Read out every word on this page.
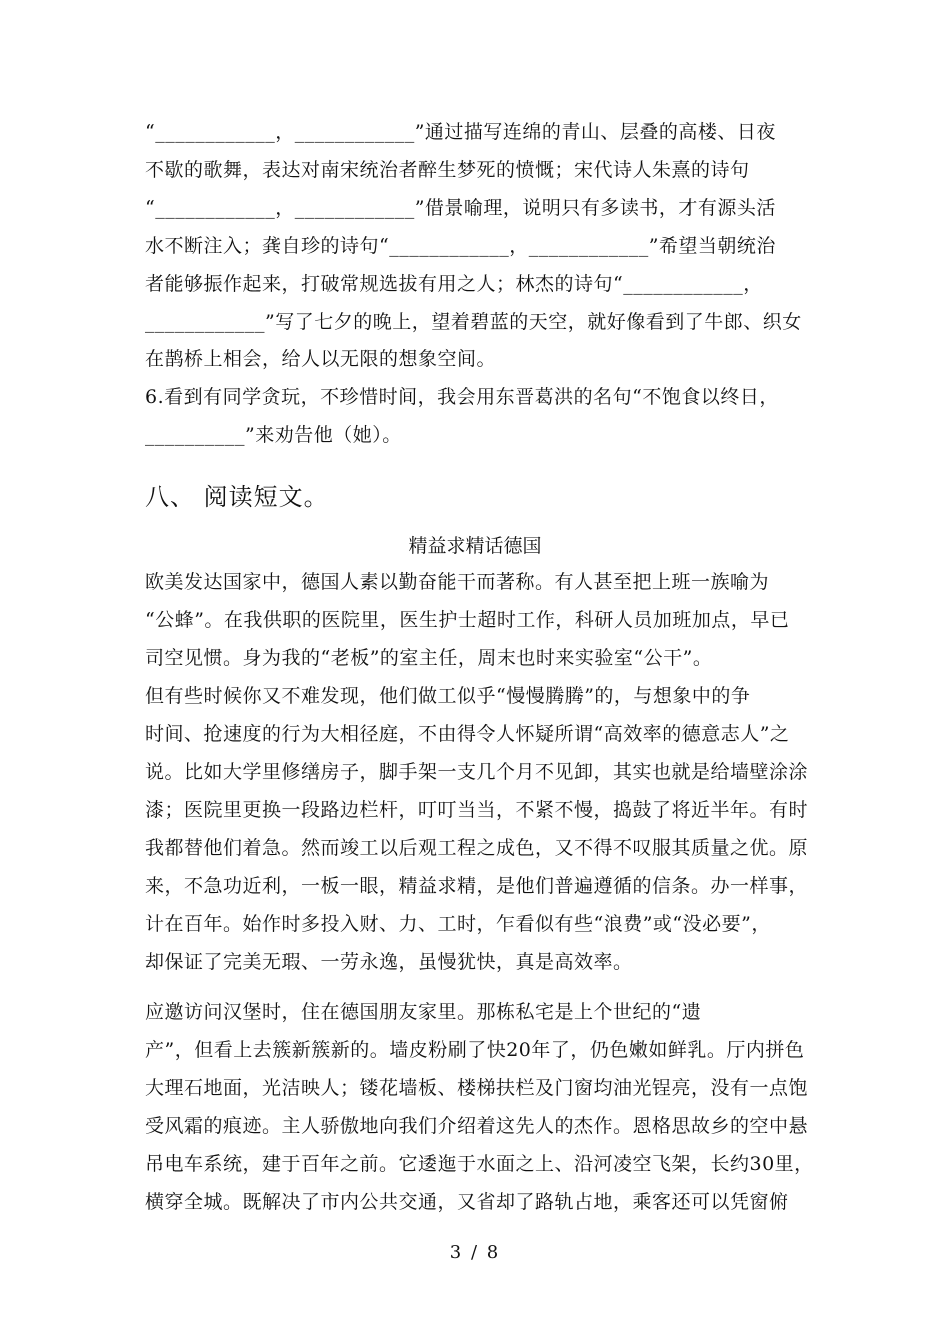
“____________，____________”通过描写连绵的青山、层叠的高楼、日夜
不歇的歌舞，表达对南宋统治者醉生梦死的愤慨；宋代诗人朱熹的诗句
“____________，____________”借景喻理，说明只有多读书，才有源头活
水不断注入；龚自珍的诗句“____________，____________”希望当朝统治
者能够振作起来，打破常规选拔有用之人；林杰的诗句“____________，
____________”写了七夕的晚上，望着碧蓝的天空，就好像看到了牛郎、织女
在鹊桥上相会，给人以无限的想象空间。
6.看到有同学贪玩，不珍惜时间，我会用东晋葛洪的名句“不饱食以终日，
__________”来劝告他（她）。
八、 阅读短文。
精益求精话德国
欧美发达国家中，德国人素以勤奋能干而著称。有人甚至把上班一族喻为
“公蜂”。在我供职的医院里，医生护士超时工作，科研人员加班加点，早已
司空见惯。身为我的“老板”的室主任，周末也时来实验室“公干”。
但有些时候你又不难发现，他们做工似乎“慢慢腾腾”的，与想象中的争
时间、抢速度的行为大相径庭，不由得令人怀疑所谓“高效率的德意志人”之
说。比如大学里修缮房子，脚手架一支几个月不见卸，其实也就是给墙壁涂涂
漆；医院里更换一段路边栏杆，叮叮当当，不紧不慢，捣鼓了将近半年。有时
我都替他们着急。然而竣工以后观工程之成色，又不得不叹服其质量之优。原
来，不急功近利，一板一眼，精益求精，是他们普遍遵循的信条。办一样事，
计在百年。始作时多投入财、力、工时，乍看似有些“浪费”或“没必要”，
却保证了完美无瑕、一劳永逸，虽慢犹快，真是高效率。
应邀访问汉堡时，住在德国朋友家里。那栋私宅是上个世纪的“遗
产”，但看上去簇新簇新的。墙皮粉刷了快20年了，仍色嫩如鲜乳。厅内拼色
大理石地面，光洁映人；镂花墙板、楼梯扶栏及门窗均油光锃亮，没有一点饱
受风霜的痕迹。主人骄傲地向我们介绍着这先人的杰作。恩格思故乡的空中悬
吊电车系统，建于百年之前。它逶迤于水面之上、沿河凌空飞架，长约30里，
横穿全城。既解决了市内公共交通，又省却了路轨占地，乘客还可以凭窗俯
3 / 8
